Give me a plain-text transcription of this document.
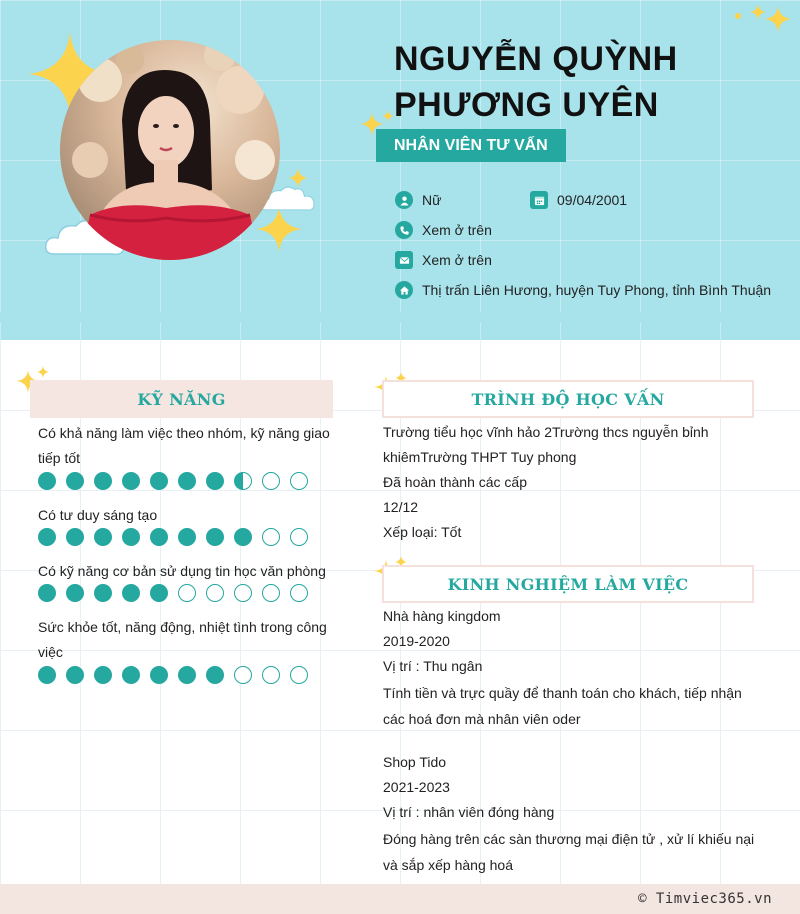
NGUYỄN QUỲNH
PHƯƠNG UYÊN
NHÂN VIÊN TƯ VẤN
Nữ	09/04/2001
Xem ở trên
Xem ở trên
Thị trấn Liên Hương, huyện Tuy Phong, tỉnh Bình Thuận
KỸ NĂNG
Có khả năng làm việc theo nhóm, kỹ năng giao
tiếp tốt
Có tư duy sáng tạo
Có kỹ năng cơ bản sử dụng tin học văn phòng
Sức khỏe tốt, năng động, nhiệt tình trong công
việc
TRÌNH ĐỘ HỌC VẤN
Trường tiểu học vĩnh hảo 2Trường thcs nguyễn bỉnh
khiêmTrường THPT Tuy phong
Đã hoàn thành các cấp
12/12
Xếp loại: Tốt
KINH NGHIỆM LÀM VIỆC
Nhà hàng kingdom
2019-2020
Vị trí : Thu ngân
Tính tiền và trực quầy để thanh toán cho khách, tiếp nhận
các hoá đơn mà nhân viên oder
Shop Tido
2021-2023
Vị trí : nhân viên đóng hàng
Đóng hàng trên các sàn thương mại điện tử , xử lí khiếu nại
và sắp xếp hàng hoá
© Timviec365.vn
